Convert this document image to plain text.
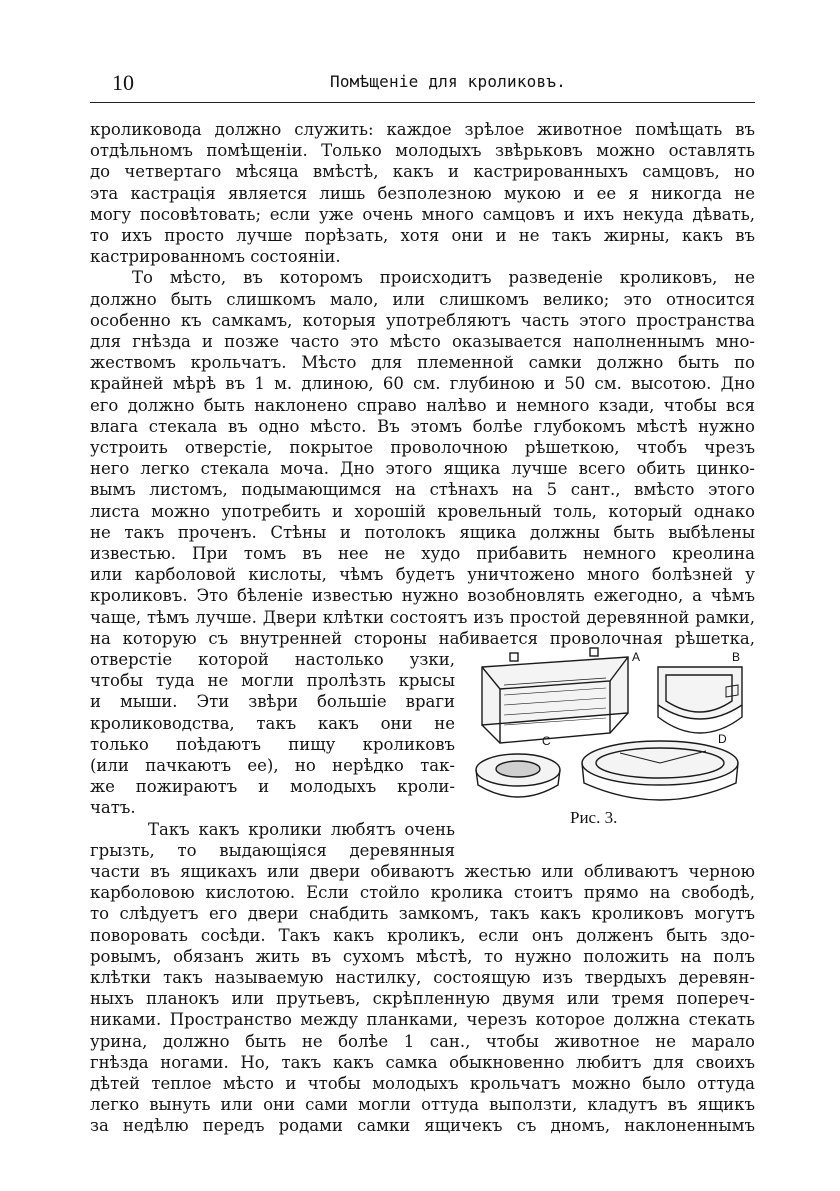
10	Помѣщеніе для кроликовъ.
кроликовода должно служить: каждое зрѣлое животное помѣщать въ
отдѣльномъ помѣщеніи. Только молодыхъ звѣрьковъ можно оставлять
до четвертаго мѣсяца вмѣстѣ, какъ и кастрированныхъ самцовъ, но
эта кастрація является лишь безполезною мукою и ее я никогда не
могу посовѣтовать; если уже очень много самцовъ и ихъ некуда дѣвать,
то ихъ просто лучше порѣзать, хотя они и не такъ жирны, какъ въ
кастрированномъ состояніи.
То мѣсто, въ которомъ происходитъ разведеніе кроликовъ, не
должно быть слишкомъ мало, или слишкомъ велико; это относится
особенно къ самкамъ, которыя употребляютъ часть этого пространства
для гнѣзда и позже часто это мѣсто оказывается наполненнымъ мно-
жествомъ крольчатъ. Мѣсто для племенной самки должно быть по
крайней мѣрѣ въ 1 м. длиною, 60 см. глубиною и 50 см. высотою. Дно
его должно быть наклонено справо налѣво и немного кзади, чтобы вся
влага стекала въ одно мѣсто. Въ этомъ болѣе глубокомъ мѣстѣ нужно
устроить отверстіе, покрытое проволочною рѣшеткою, чтобъ чрезъ
него легко стекала моча. Дно этого ящика лучше всего обить цинко-
вымъ листомъ, подымающимся на стѣнахъ на 5 сант., вмѣсто этого
листа можно употребить и хорошій кровельный толь, который однако
не такъ проченъ. Стѣны и потолокъ ящика должны быть выбѣлены
известью. При томъ въ нее не худо прибавить немного креолина
или карболовой кислоты, чѣмъ будетъ уничтожено много болѣзней у
кроликовъ. Это бѣленіе известью нужно возобновлять ежегодно, а чѣмъ
чаще, тѣмъ лучше. Двери клѣтки состоятъ изъ простой деревянной рамки,
на которую съ внутренней стороны набивается проволочная рѣшетка,
отверстіе которой настолько узки,
чтобы туда не могли пролѣзть крысы
и мыши. Эти звѣри большіе враги
кролиководства, такъ какъ они не
только поѣдаютъ пищу кроликовъ
(или пачкаютъ ее), но нерѣдко так-
же пожираютъ и молодыхъ кроли-
чатъ.
Такъ какъ кролики любятъ очень
грызть, то выдающіяся деревянныя
части въ ящикахъ или двери обиваютъ жестью или обливаютъ черною
карболовою кислотою. Если стойло кролика стоитъ прямо на свободѣ,
то слѣдуетъ его двери снабдить замкомъ, такъ какъ кроликовъ могутъ
поворовать сосѣди. Такъ какъ кроликъ, если онъ долженъ быть здо-
ровымъ, обязанъ жить въ сухомъ мѣстѣ, то нужно положить на полъ
клѣтки такъ называемую настилку, состоящую изъ твердыхъ деревян-
ныхъ планокъ или прутьевъ, скрѣпленную двумя или тремя попереч-
никами. Пространство между планками, черезъ которое должна стекать
урина, должно быть не болѣе 1 сан., чтобы животное не марало
гнѣзда ногами. Но, такъ какъ самка обыкновенно любитъ для своихъ
дѣтей теплое мѣсто и чтобы молодыхъ крольчатъ можно было оттуда
легко вынуть или они сами могли оттуда выползти, кладутъ въ ящикъ
за недѣлю передъ родами самки ящичекъ съ дномъ, наклоненнымъ
A	B
C	D
Рис. 3.
